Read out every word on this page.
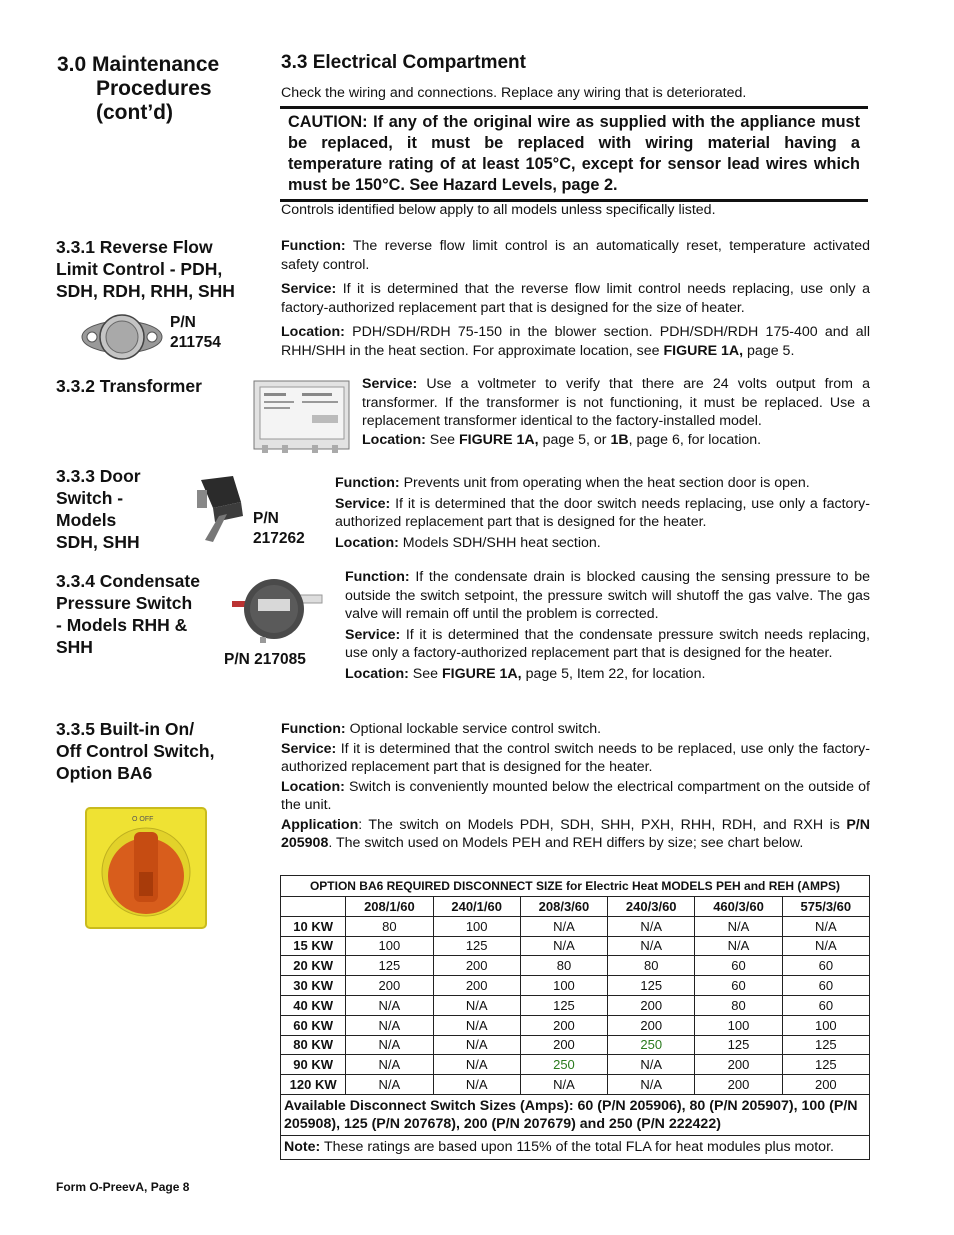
3.0 Maintenance
Procedures
(cont’d)
3.3 Electrical Compartment

Check the wiring and connections. Replace any wiring that is deteriorated.

CAUTION: If any of the original wire as supplied with the appliance must be replaced, it must be replaced with wiring material having a temperature rating of at least 105°C, except for sensor lead wires which must be 150°C. See Hazard Levels, page 2.

Controls identified below apply to all models unless specifically listed.

3.3.1 Reverse Flow
Limit Control - PDH,
SDH, RDH, RHH, SHH
P/N
211754

Function: The reverse flow limit control is an automatically reset, temperature activated safety control.

Service: If it is determined that the reverse flow limit control needs replacing, use only a factory-authorized replacement part that is designed for the size of heater.

Location: PDH/SDH/RDH 75-150 in the blower section. PDH/SDH/RDH 175-400 and all RHH/SHH in the heat section. For approximate location, see FIGURE 1A, page 5.

3.3.2 Transformer	Service: Use a voltmeter to verify that there are 24 volts output from a transformer. If the transformer is not functioning, it must be replaced. Use a replacement transformer identical to the factory-installed model.

Location: See FIGURE 1A, page 5, or 1B, page 6, for location.

3.3.3 Door
Switch -
Models
SDH, SHH
P/N
217262

Function: Prevents unit from operating when the heat section door is open.

Service: If it is determined that the door switch needs replacing, use only a factory-authorized replacement part that is designed for the heater.

Location: Models SDH/SHH heat section.

3.3.4 Condensate
Pressure Switch
- Models RHH &
SHH
P/N 217085

Function: If the condensate drain is blocked causing the sensing pressure to be outside the switch setpoint, the pressure switch will shutoff the gas valve. The gas valve will remain off until the problem is corrected.

Service: If it is determined that the condensate pressure switch needs replacing, use only a factory-authorized replacement part that is designed for the heater.

Location: See FIGURE 1A, page 5, Item 22, for location.

3.3.5 Built-in On/
Off Control Switch,
Option BA6
O OFF

Function: Optional lockable service control switch.

Service: If it is determined that the control switch needs to be replaced, use only the factory-authorized replacement part that is designed for the heater.

Location: Switch is conveniently mounted below the electrical compartment on the outside of the unit.

Application: The switch on Models PDH, SDH, SHH, PXH, RHH, RDH, and RXH is P/N 205908. The switch used on Models PEH and REH differs by size; see chart below.

OPTION BA6 REQUIRED DISCONNECT SIZE for Electric Heat MODELS PEH and REH (AMPS)						
	208/1/60	240/1/60	208/3/60	240/3/60	460/3/60	575/3/60
10 KW	80	100	N/A	N/A	N/A	N/A
15 KW	100	125	N/A	N/A	N/A	N/A
20 KW	125	200	80	80	60	60
30 KW	200	200	100	125	60	60
40 KW	N/A	N/A	125	200	80	60
60 KW	N/A	N/A	200	200	100	100
80 KW	N/A	N/A	200	250	125	125
90 KW	N/A	N/A	250	N/A	200	125
120 KW	N/A	N/A	N/A	N/A	200	200
Available Disconnect Switch Sizes (Amps): 60 (P/N 205906), 80 (P/N 205907), 100 (P/N 205908), 125 (P/N 207678), 200 (P/N 207679) and 250 (P/N 222422)						
Note: These ratings are based upon 115% of the total FLA for heat modules plus motor.						
Form O-PreevA, Page 8
